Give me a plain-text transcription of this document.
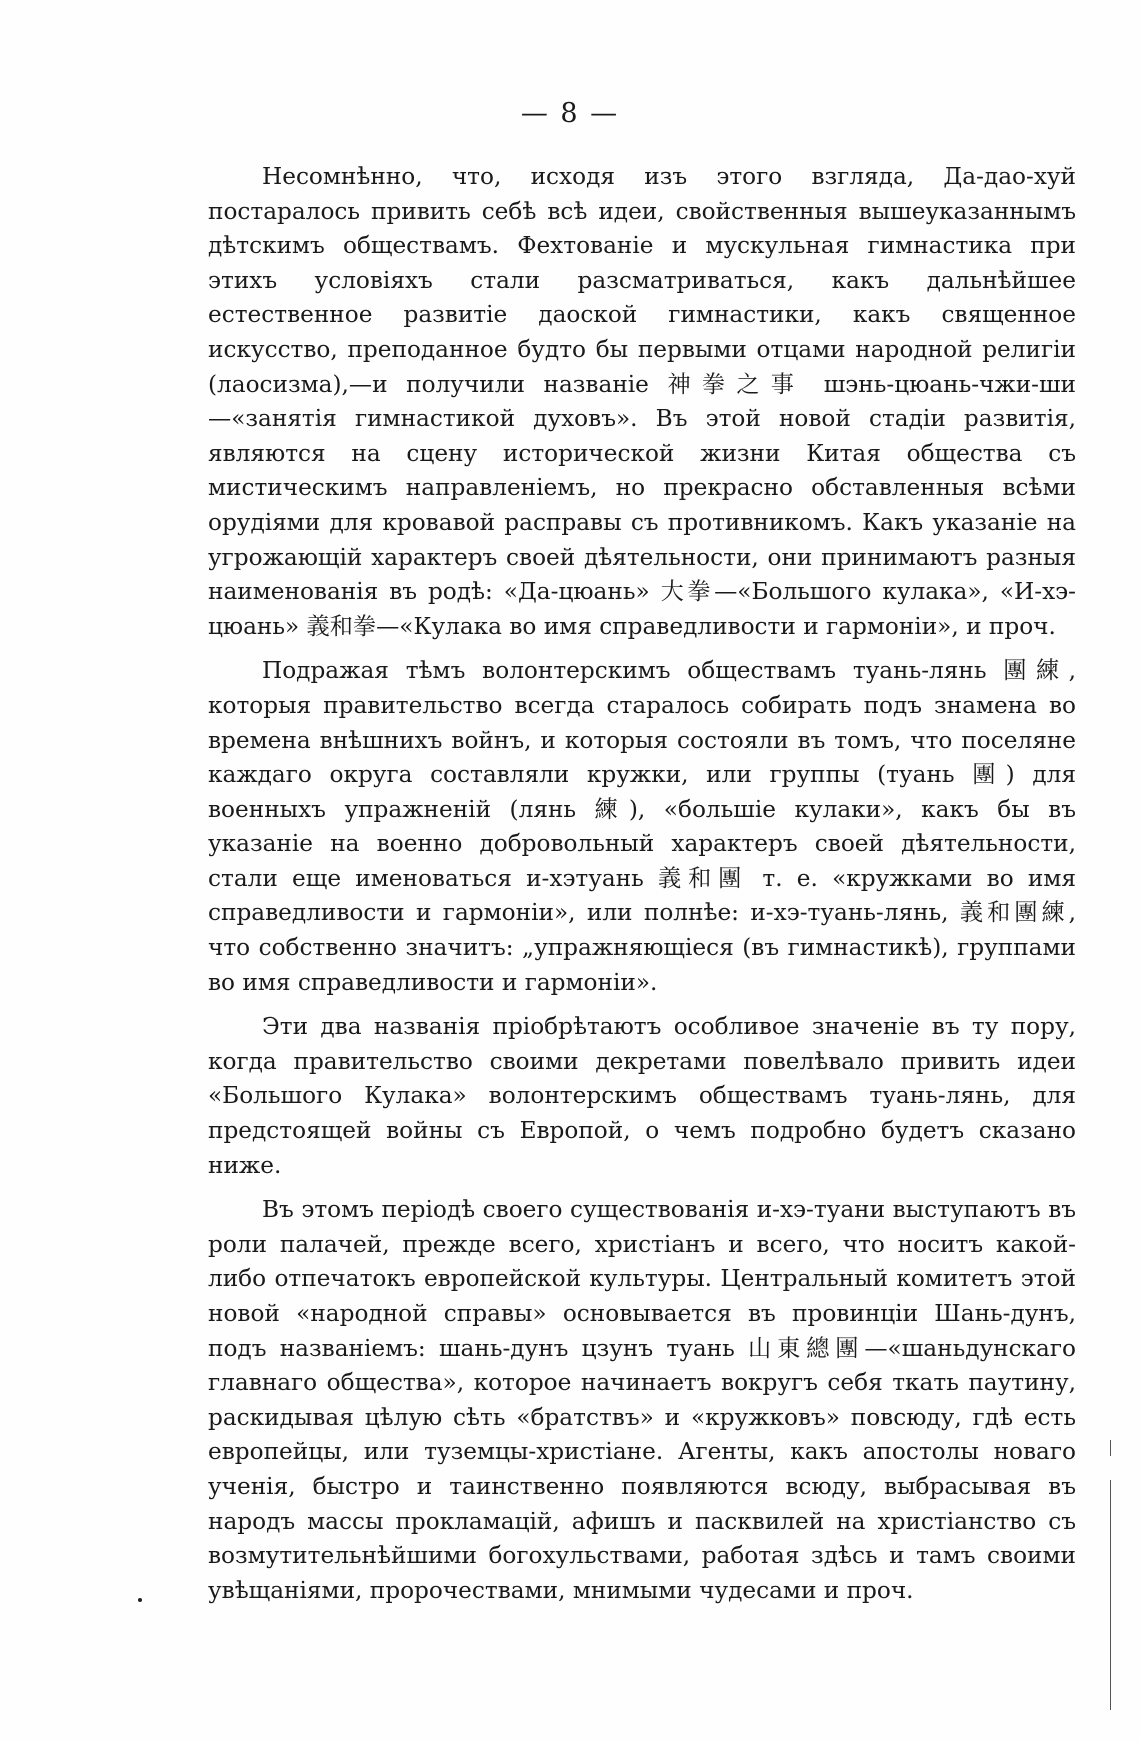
— 8 —

Несомнѣнно, что, исходя изъ этого взгляда, Да-дао-хуй постаралось привить себѣ всѣ идеи, свойственныя вышеуказаннымъ дѣтскимъ обществамъ. Фехтованіе и мускульная гимнастика при этихъ условіяхъ стали разсматриваться, какъ дальнѣйшее естественное развитіе даоской гимнастики, какъ священное искусство, преподанное будто бы первыми отцами народной религіи (лаосизма),—и получили названіе 神拳之事 шэнь-цюань-чжи-ши—«занятія гимнастикой духовъ». Въ этой новой стадіи развитія, являются на сцену исторической жизни Китая общества съ мистическимъ направленіемъ, но прекрасно обставленныя всѣми орудіями для кровавой расправы съ противникомъ. Какъ указаніе на угрожающій характеръ своей дѣятельности, они принимаютъ разныя наименованія въ родѣ: «Да-цюань» 大拳—«Большого кулака», «И-хэ-цюань» 義和拳—«Кулака во имя справедливости и гармоніи», и проч.

Подражая тѣмъ волонтерскимъ обществамъ туань-лянь 團練, которыя правительство всегда старалось собирать подъ знамена во времена внѣшнихъ войнъ, и которыя состояли въ томъ, что поселяне каждаго округа составляли кружки, или группы (туань 團) для военныхъ упражненій (лянь 練), «большіе кулаки», какъ бы въ указаніе на военно добровольный характеръ своей дѣятельности, стали еще именоваться и-хэтуань 義和團 т. е. «кружками во имя справедливости и гармоніи», или полнѣе: и-хэ-туань-лянь, 義和團練, что собственно значитъ: „упражняющіеся (въ гимнастикѣ), группами во имя справедливости и гармоніи».

Эти два названія пріобрѣтаютъ особливое значеніе въ ту пору, когда правительство своими декретами повелѣвало привить идеи «Большого Кулака» волонтерскимъ обществамъ туань-лянь, для предстоящей войны съ Европой, о чемъ подробно будетъ сказано ниже.

Въ этомъ періодѣ своего существованія и-хэ-туани выступаютъ въ роли палачей, прежде всего, христіанъ и всего, что носитъ какой-либо отпечатокъ европейской культуры. Центральный комитетъ этой новой «народной справы» основывается въ провинціи Шань-дунъ, подъ названіемъ: шань-дунъ цзунъ туань 山東總團—«шаньдунскаго главнаго общества», которое начинаетъ вокругъ себя ткать паутину, раскидывая цѣлую сѣть «братствъ» и «кружковъ» повсюду, гдѣ есть европейцы, или туземцы-христіане. Агенты, какъ апостолы новаго ученія, быстро и таинственно появляются всюду, выбрасывая въ народъ массы прокламацій, афишъ и пасквилей на христіанство съ возмутительнѣйшими богохульствами, работая здѣсь и тамъ своими увѣщаніями, пророчествами, мнимыми чудесами и проч.
